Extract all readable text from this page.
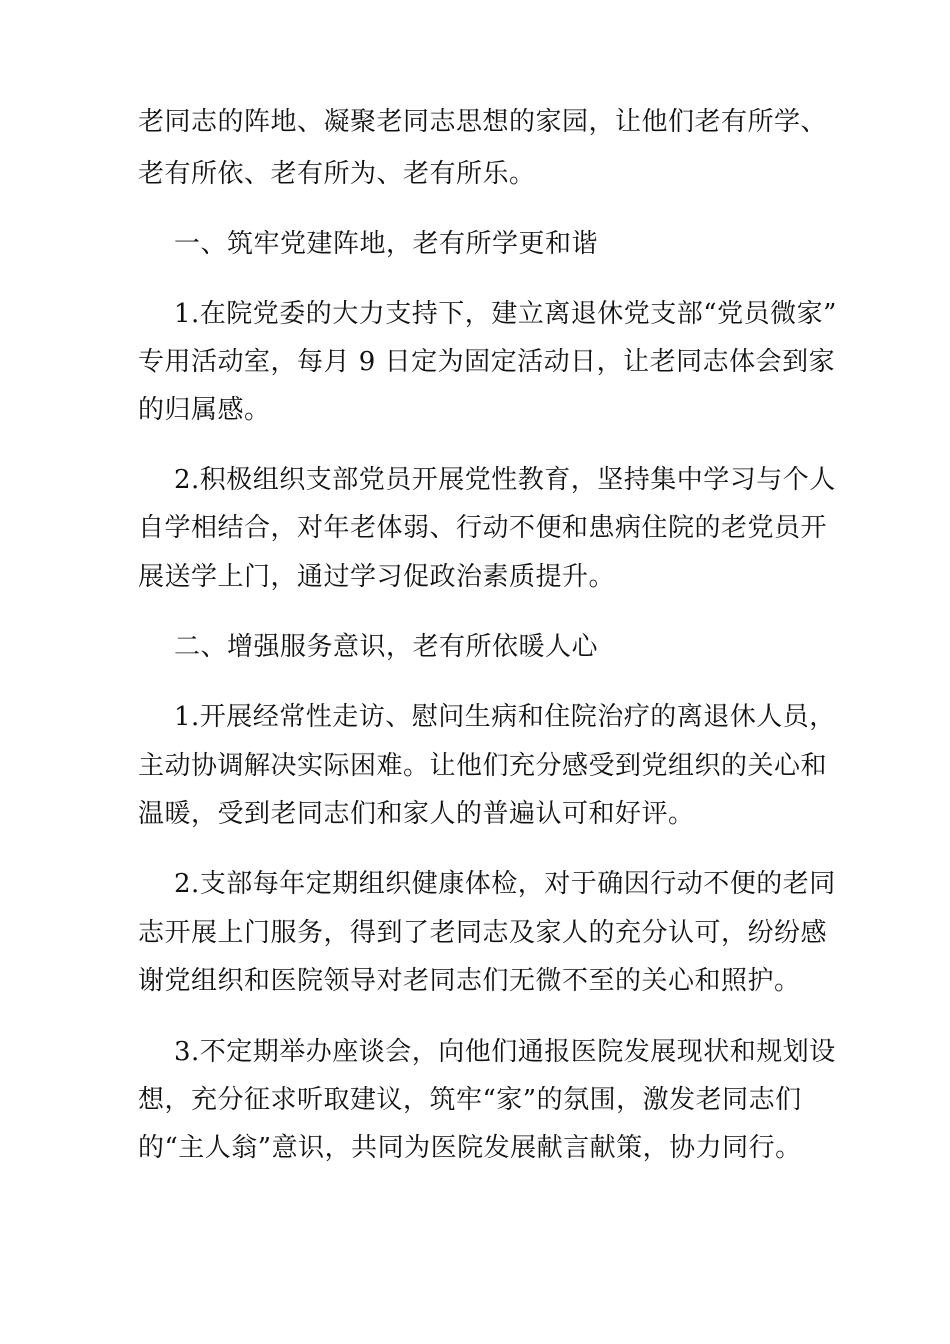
老同志的阵地、凝聚老同志思想的家园，让他们老有所学、
老有所依、老有所为、老有所乐。
一、筑牢党建阵地，老有所学更和谐
1.在院党委的大力支持下，建立离退休党支部“党员微家”
专用活动室，每月 9 日定为固定活动日，让老同志体会到家
的归属感。
2.积极组织支部党员开展党性教育，坚持集中学习与个人
自学相结合，对年老体弱、行动不便和患病住院的老党员开
展送学上门，通过学习促政治素质提升。
二、增强服务意识，老有所依暖人心
1.开展经常性走访、慰问生病和住院治疗的离退休人员，
主动协调解决实际困难。让他们充分感受到党组织的关心和
温暖，受到老同志们和家人的普遍认可和好评。
2.支部每年定期组织健康体检，对于确因行动不便的老同
志开展上门服务，得到了老同志及家人的充分认可，纷纷感
谢党组织和医院领导对老同志们无微不至的关心和照护。
3.不定期举办座谈会，向他们通报医院发展现状和规划设
想，充分征求听取建议，筑牢“家”的氛围，激发老同志们
的“主人翁”意识，共同为医院发展献言献策，协力同行。
